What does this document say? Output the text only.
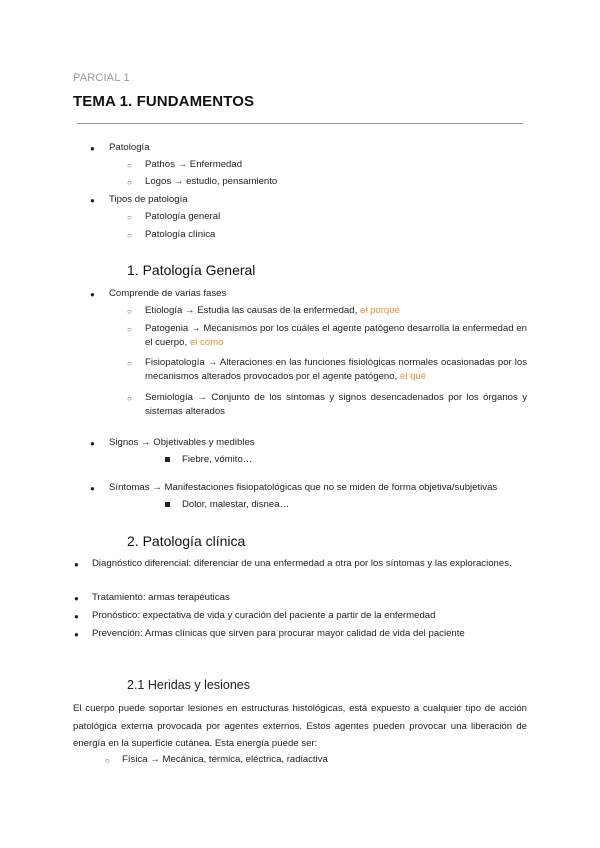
PARCIAL 1
TEMA 1. FUNDAMENTOS
● Patología
○ Pathos → Enfermedad
○ Logos → estudio, pensamiento
● Tipos de patología
○ Patología general
○ Patología clínica
1. Patología General
● Comprende de varias fases
○ Etiología → Estudia las causas de la enfermedad, el porqué
○ Patogenia → Mecanismos por los cuáles el agente patógeno desarrolla la enfermedad en el cuerpo, el cómo
○ Fisiopatología → Alteraciones en las funciones fisiológicas normales ocasionadas por los mecanismos alterados provocados por el agente patógeno, el qué
○ Semiología → Conjunto de los síntomas y signos desencadenados por los órganos y sistemas alterados
● Signos → Objetivables y medibles
Fiebre, vómito…
● Síntomas → Manifestaciones fisiopatológicas que no se miden de forma objetiva/subjetivas
Dolor, malestar, disnea…
2. Patología clínica
● Diagnóstico diferencial: diferenciar de una enfermedad a otra por los síntomas y las exploraciones.
● Tratamiento: armas terapéuticas
● Pronóstico: expectativa de vida y curación del paciente a partir de la enfermedad
● Prevención: Armas clínicas que sirven para procurar mayor calidad de vida del paciente
2.1 Heridas y lesiones
El cuerpo puede soportar lesiones en estructuras histológicas, está expuesto a cualquier tipo de acción patológica externa provocada por agentes externos. Estos agentes pueden provocar una liberación de energía en la superficie cutánea. Esta energía puede ser:
○ Física → Mecánica, térmica, eléctrica, radiactiva
